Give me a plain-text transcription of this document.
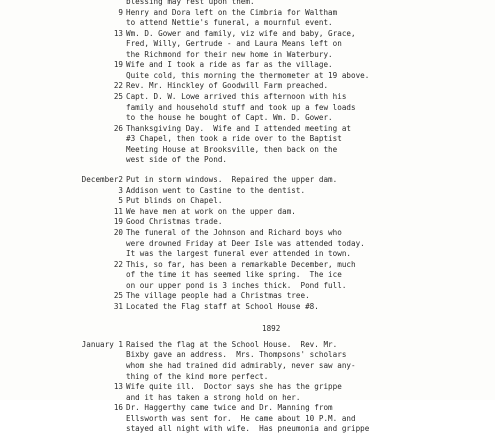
blessing may rest upon them.
9 Henry and Dora left on the Cimbria for Waltham
to attend Nettie's funeral, a mournful event.
13 Wm. D. Gower and family, viz wife and baby, Grace,
Fred, Willy, Gertrude - and Laura Means left on
the Richmond for their new home in Waterbury.
19 Wife and I took a ride as far as the village.
Quite cold, this morning the thermometer at 19 above.
22 Rev. Mr. Hinckley of Goodwill Farm preached.
25 Capt. D. W. Lowe arrived this afternoon with his
family and household stuff and took up a few loads
to the house he bought of Capt. Wm. D. Gower.
26 Thanksgiving Day.  Wife and I attended meeting at
#3 Chapel, then took a ride over to the Baptist
Meeting House at Brooksville, then back on the
west side of the Pond.
December2 Put in storm windows.  Repaired the upper dam.
3 Addison went to Castine to the dentist.
5 Put blinds on Chapel.
11 We have men at work on the upper dam.
19 Good Christmas trade.
20 The funeral of the Johnson and Richard boys who
were drowned Friday at Deer Isle was attended today.
It was the largest funeral ever attended in town.
22 This, so far, has been a remarkable December, much
of the time it has seemed like spring.  The ice
on our upper pond is 3 inches thick.  Pond full.
25 The village people had a Christmas tree.
31 Located the Flag staff at School House #8.
1892
January 1 Raised the flag at the School House.  Rev. Mr.
Bixby gave an address.  Mrs. Thompsons' scholars
whom she had trained did admirably, never saw any-
thing of the kind more perfect.
13 Wife quite ill.  Doctor says she has the grippe
and it has taken a strong hold on her.
16 Dr. Haggerthy came twice and Dr. Manning from
Ellsworth was sent for.  He came about 10 P.M. and
stayed all night with wife.  Has pneumonia and grippe
